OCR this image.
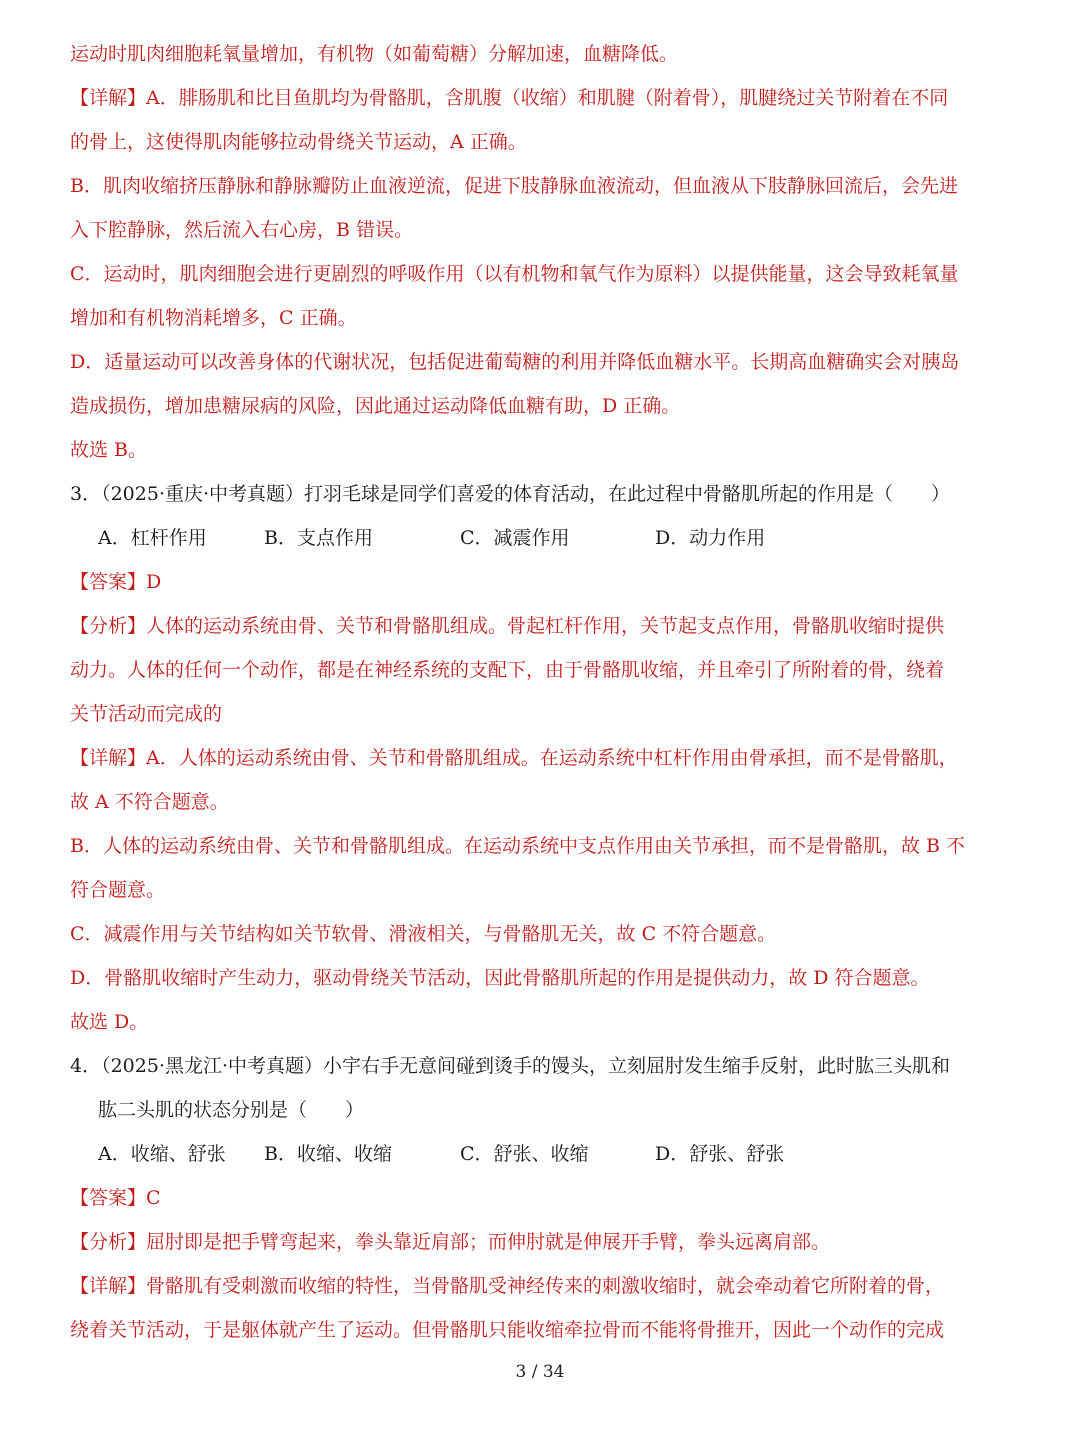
运动时肌肉细胞耗氧量增加，有机物（如葡萄糖）分解加速，血糖降低。
【详解】A．腓肠肌和比目鱼肌均为骨骼肌，含肌腹（收缩）和肌腱（附着骨），肌腱绕过关节附着在不同
的骨上，这使得肌肉能够拉动骨绕关节运动，A 正确。
B．肌肉收缩挤压静脉和静脉瓣防止血液逆流，促进下肢静脉血液流动，但血液从下肢静脉回流后，会先进
入下腔静脉，然后流入右心房，B 错误。
C．运动时，肌肉细胞会进行更剧烈的呼吸作用（以有机物和氧气作为原料）以提供能量，这会导致耗氧量
增加和有机物消耗增多，C 正确。
D．适量运动可以改善身体的代谢状况，包括促进葡萄糖的利用并降低血糖水平。长期高血糖确实会对胰岛
造成损伤，增加患糖尿病的风险，因此通过运动降低血糖有助，D 正确。
故选 B。
3．（2025·重庆·中考真题）打羽毛球是同学们喜爱的体育活动，在此过程中骨骼肌所起的作用是（　　）
A．杠杆作用	B．支点作用	C．减震作用	D．动力作用
【答案】D
【分析】人体的运动系统由骨、关节和骨骼肌组成。骨起杠杆作用，关节起支点作用，骨骼肌收缩时提供
动力。人体的任何一个动作，都是在神经系统的支配下，由于骨骼肌收缩，并且牵引了所附着的骨，绕着
关节活动而完成的
【详解】A．人体的运动系统由骨、关节和骨骼肌组成。在运动系统中杠杆作用由骨承担，而不是骨骼肌，
故 A 不符合题意。
B．人体的运动系统由骨、关节和骨骼肌组成。在运动系统中支点作用由关节承担，而不是骨骼肌，故 B 不
符合题意。
C．减震作用与关节结构如关节软骨、滑液相关，与骨骼肌无关，故 C 不符合题意。
D．骨骼肌收缩时产生动力，驱动骨绕关节活动，因此骨骼肌所起的作用是提供动力，故 D 符合题意。
故选 D。
4．（2025·黑龙江·中考真题）小宇右手无意间碰到烫手的馒头，立刻屈肘发生缩手反射，此时肱三头肌和
肱二头肌的状态分别是（　　）
A．收缩、舒张 B．收缩、收缩	C．舒张、收缩	D．舒张、舒张
【答案】C
【分析】屈肘即是把手臂弯起来，拳头靠近肩部；而伸肘就是伸展开手臂，拳头远离肩部。
【详解】骨骼肌有受刺激而收缩的特性，当骨骼肌受神经传来的刺激收缩时，就会牵动着它所附着的骨，
绕着关节活动，于是躯体就产生了运动。但骨骼肌只能收缩牵拉骨而不能将骨推开，因此一个动作的完成
3 / 34
